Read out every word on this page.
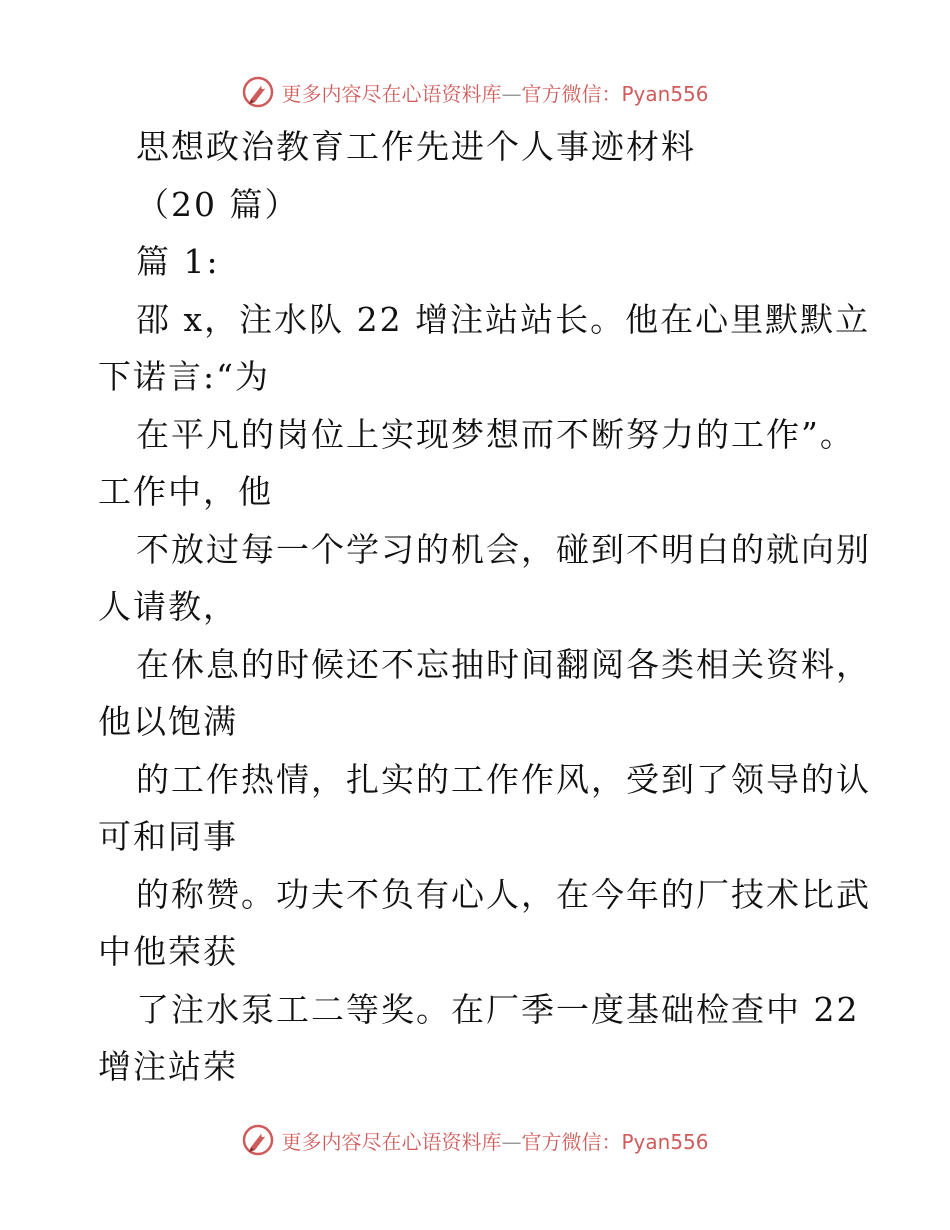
更多内容尽在心语资料库—官方微信：Pyan556
思想政治教育工作先进个人事迹材料
（20 篇）
篇 1:
邵 x，注水队 22 增注站站长。他在心里默默立
下诺言:“为
在平凡的岗位上实现梦想而不断努力的工作”。
工作中，他
不放过每一个学习的机会，碰到不明白的就向别
人请教，
在休息的时候还不忘抽时间翻阅各类相关资料，
他以饱满
的工作热情，扎实的工作作风，受到了领导的认
可和同事
的称赞。功夫不负有心人，在今年的厂技术比武
中他荣获
了注水泵工二等奖。在厂季一度基础检查中 22
增注站荣
更多内容尽在心语资料库—官方微信：Pyan556
